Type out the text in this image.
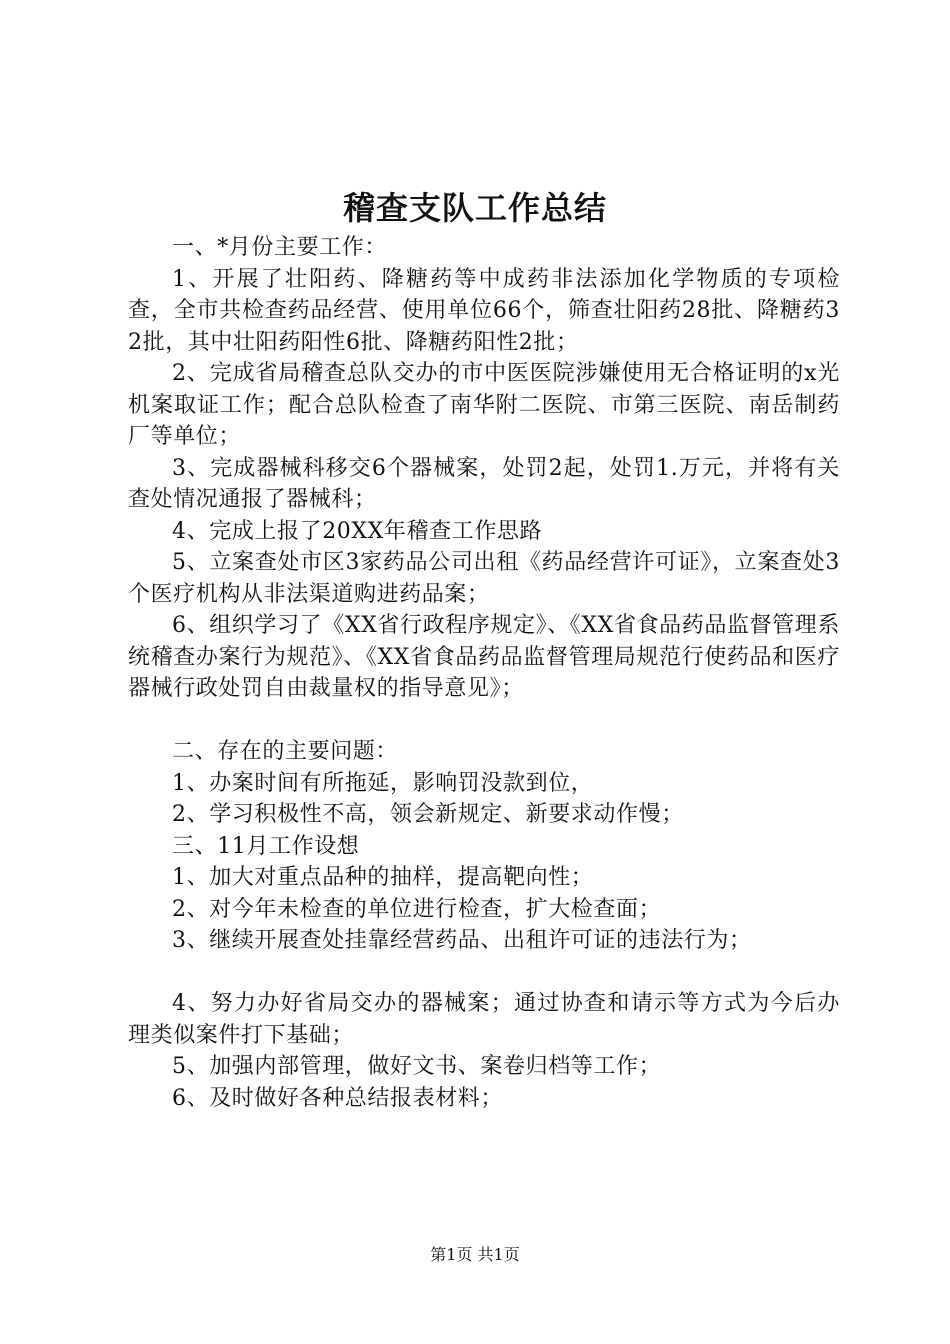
稽查支队工作总结

一、*月份主要工作：

1、开展了壮阳药、降糖药等中成药非法添加化学物质的专项检查，全市共检查药品经营、使用单位66个，筛查壮阳药28批、降糖药32批，其中壮阳药阳性6批、降糖药阳性2批；

2、完成省局稽查总队交办的市中医医院涉嫌使用无合格证明的x光机案取证工作；配合总队检查了南华附二医院、市第三医院、南岳制药厂等单位；

3、完成器械科移交6个器械案，处罚2起，处罚1.万元，并将有关查处情况通报了器械科；

4、完成上报了20XX年稽查工作思路

5、立案查处市区3家药品公司出租《药品经营许可证》，立案查处3个医疗机构从非法渠道购进药品案；

6、组织学习了《XX省行政程序规定》、《XX省食品药品监督管理系统稽查办案行为规范》、《XX省食品药品监督管理局规范行使药品和医疗器械行政处罚自由裁量权的指导意见》；

二、存在的主要问题：

1、办案时间有所拖延，影响罚没款到位，

2、学习积极性不高，领会新规定、新要求动作慢；

三、11月工作设想

1、加大对重点品种的抽样，提高靶向性；

2、对今年未检查的单位进行检查，扩大检查面；

3、继续开展查处挂靠经营药品、出租许可证的违法行为；

4、努力办好省局交办的器械案；通过协查和请示等方式为今后办理类似案件打下基础；

5、加强内部管理，做好文书、案卷归档等工作；

6、及时做好各种总结报表材料；

第1页 共1页
